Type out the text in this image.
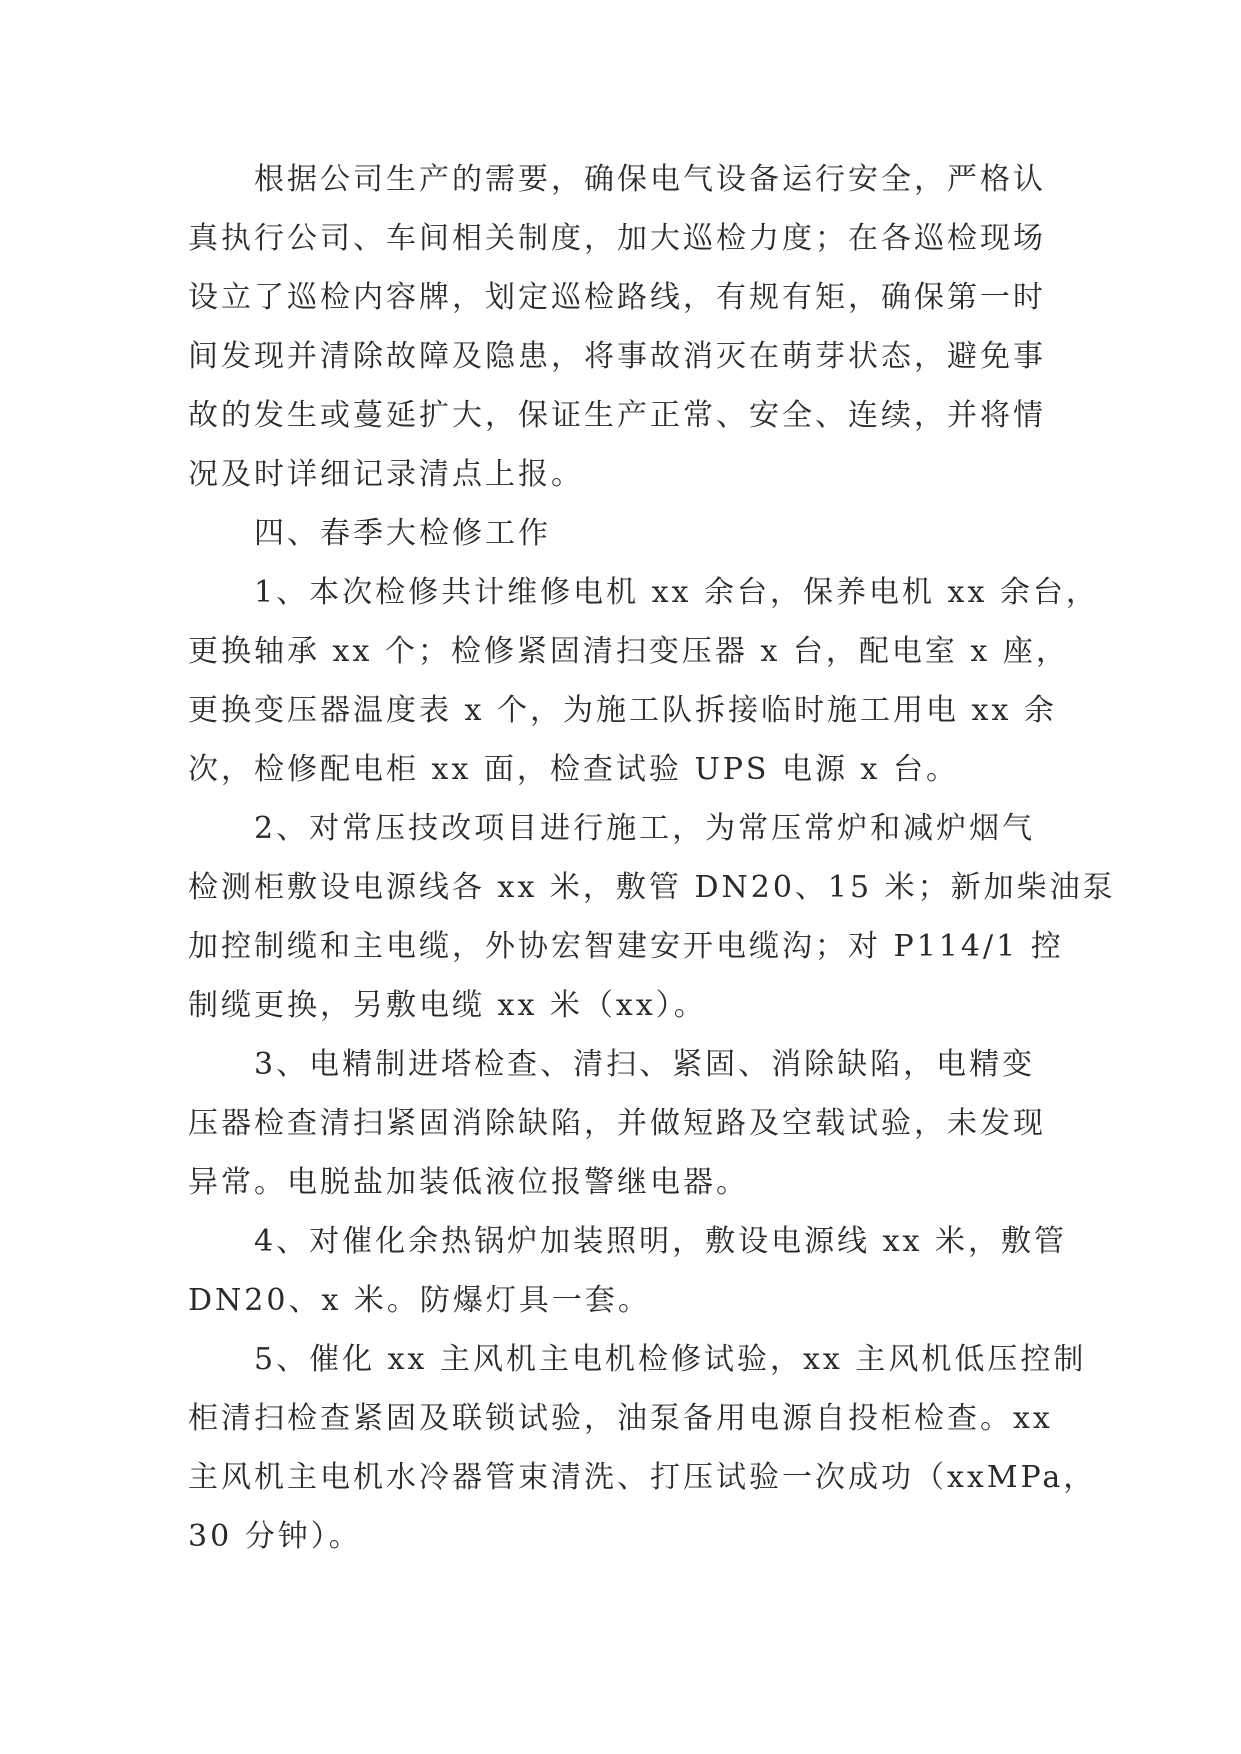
根据公司生产的需要，确保电气设备运行安全，严格认
真执行公司、车间相关制度，加大巡检力度；在各巡检现场
设立了巡检内容牌，划定巡检路线，有规有矩，确保第一时
间发现并清除故障及隐患，将事故消灭在萌芽状态，避免事
故的发生或蔓延扩大，保证生产正常、安全、连续，并将情
况及时详细记录清点上报。
四、春季大检修工作
1、本次检修共计维修电机 xx 余台，保养电机 xx 余台，
更换轴承 xx 个；检修紧固清扫变压器 x 台，配电室 x 座，
更换变压器温度表 x 个，为施工队拆接临时施工用电 xx 余
次，检修配电柜 xx 面，检查试验 UPS 电源 x 台。
2、对常压技改项目进行施工，为常压常炉和减炉烟气
检测柜敷设电源线各 xx 米，敷管 DN20、15 米；新加柴油泵
加控制缆和主电缆，外协宏智建安开电缆沟；对 P114/1 控
制缆更换，另敷电缆 xx 米（xx）。
3、电精制进塔检查、清扫、紧固、消除缺陷，电精变
压器检查清扫紧固消除缺陷，并做短路及空载试验，未发现
异常。电脱盐加装低液位报警继电器。
4、对催化余热锅炉加装照明，敷设电源线 xx 米，敷管
DN20、x 米。防爆灯具一套。
5、催化 xx 主风机主电机检修试验，xx 主风机低压控制
柜清扫检查紧固及联锁试验，油泵备用电源自投柜检查。xx
主风机主电机水冷器管束清洗、打压试验一次成功（xxMPa，
30 分钟）。
